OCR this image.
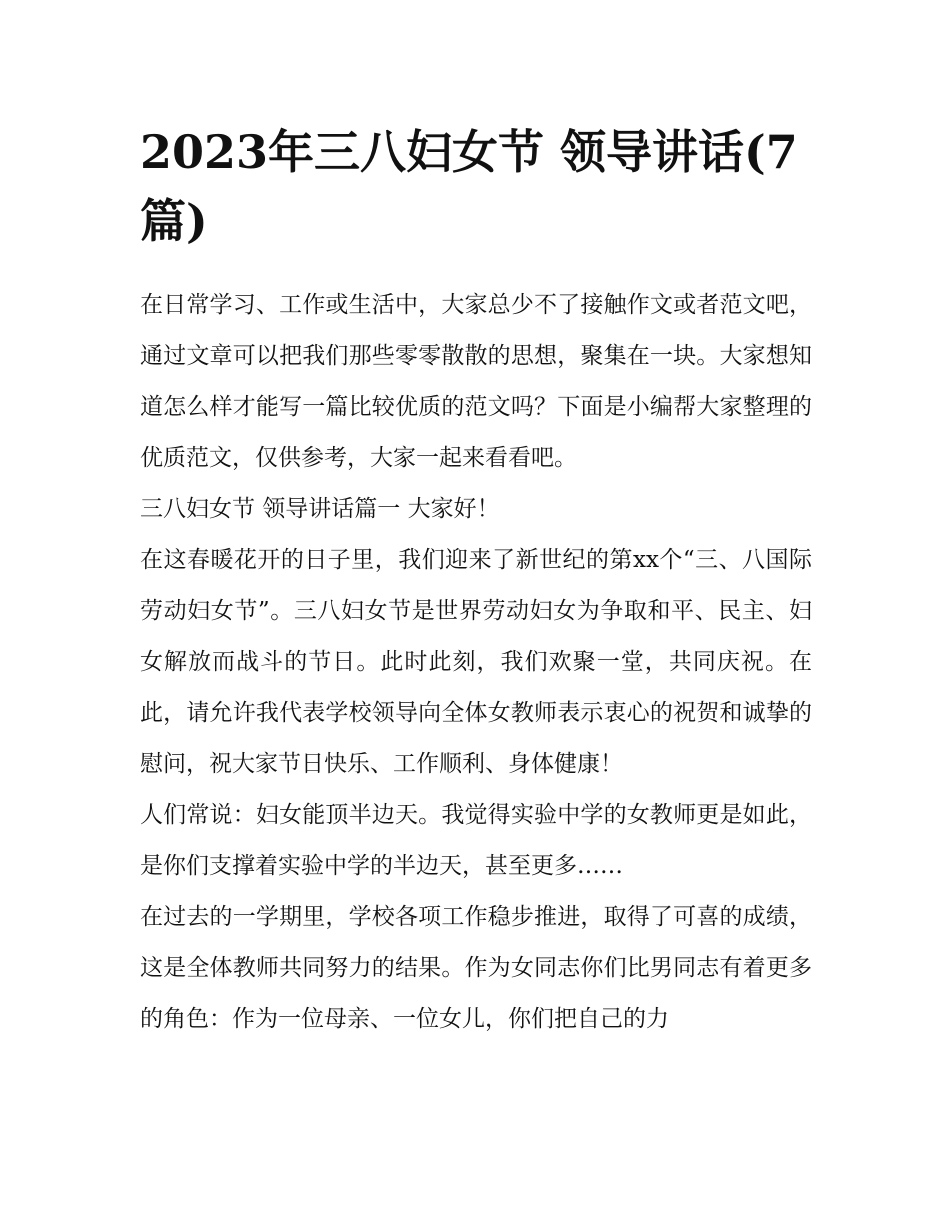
2023年三八妇女节 领导讲话(7篇)

在日常学习、工作或生活中，大家总少不了接触作文或者范文吧，通过文章可以把我们那些零零散散的思想，聚集在一块。大家想知道怎么样才能写一篇比较优质的范文吗？下面是小编帮大家整理的优质范文，仅供参考，大家一起来看看吧。

三八妇女节 领导讲话篇一 大家好！

在这春暖花开的日子里，我们迎来了新世纪的第xx个“三、八国际劳动妇女节”。三八妇女节是世界劳动妇女为争取和平、民主、妇女解放而战斗的节日。此时此刻，我们欢聚一堂，共同庆祝。在此，请允许我代表学校领导向全体女教师表示衷心的祝贺和诚挚的慰问，祝大家节日快乐、工作顺利、身体健康！

人们常说：妇女能顶半边天。我觉得实验中学的女教师更是如此，是你们支撑着实验中学的半边天，甚至更多……

在过去的一学期里，学校各项工作稳步推进，取得了可喜的成绩，这是全体教师共同努力的结果。作为女同志你们比男同志有着更多的角色：作为一位母亲、一位女儿，你们把自己的力
